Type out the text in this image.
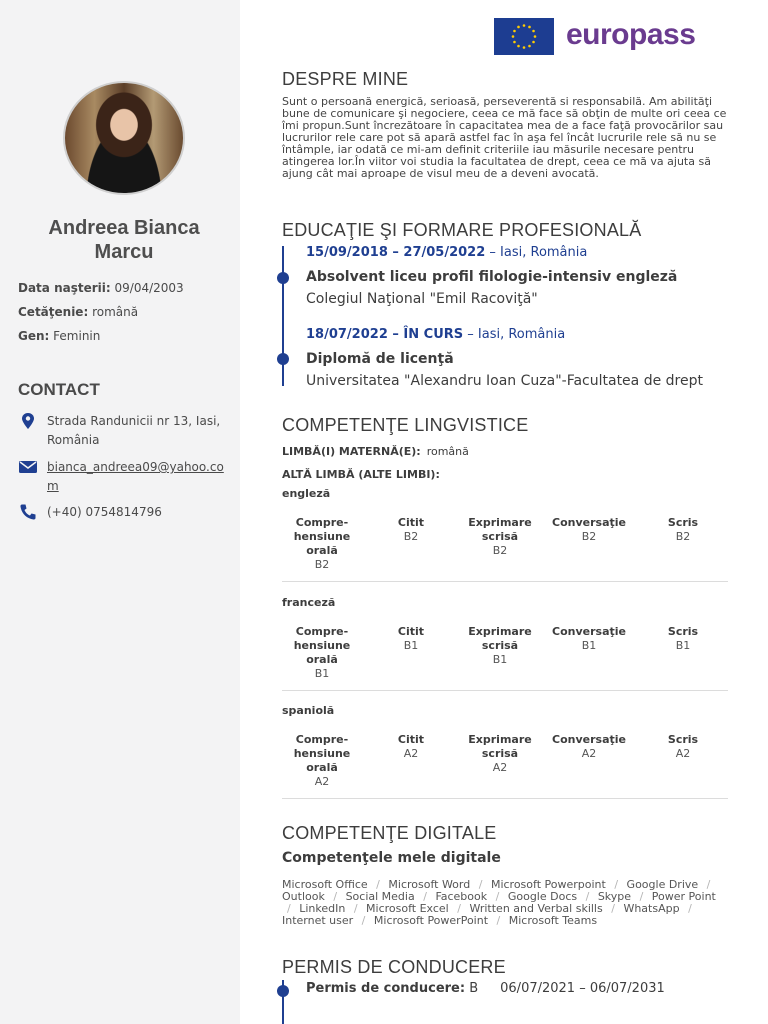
Andreea Bianca Marcu
Data naşterii: 09/04/2003
Cetăţenie: română
Gen: Feminin
CONTACT
Strada Randunicii nr 13, Iasi, România
bianca_andreea09@yahoo.com
(+40) 0754814796
europass
DESPRE MINE
Sunt o persoană energică, serioasă, perseverentă si responsabilă. Am abilităţi bune de comunicare şi negociere, ceea ce mă face să obţin de multe ori ceea ce îmi propun.Sunt încrezătoare în capacitatea mea de a face faţă provocărilor sau lucrurilor rele care pot să apară astfel fac în aşa fel încât lucrurile rele să nu se întâmple, iar odată ce mi-am definit criteriile iau măsurile necesare pentru atingerea lor.În viitor voi studia la facultatea de drept, ceea ce mă va ajuta să ajung cât mai aproape de visul meu de a deveni avocată.
EDUCAŢIE ŞI FORMARE PROFESIONALĂ
15/09/2018 – 27/05/2022 – Iasi, România
Absolvent liceu profil filologie-intensiv engleză
Colegiul Naţional "Emil Racoviţă"
18/07/2022 – ÎN CURS – Iasi, România
Diplomă de licenţă
Universitatea "Alexandru Ioan Cuza"-Facultatea de drept
COMPETENŢE LINGVISTICE
LIMBĂ(I) MATERNĂ(E): română
ALTĂ LIMBĂ (ALTE LIMBI):
engleză
Compre-hensiune orală
B2
Citit
B2
Exprimare scrisă
B2
Conversaţie
B2
Scris
B2
franceză
Compre-hensiune orală
B1
Citit
B1
Exprimare scrisă
B1
Conversaţie
B1
Scris
B1
spaniolă
Compre-hensiune orală
A2
Citit
A2
Exprimare scrisă
A2
Conversaţie
A2
Scris
A2
COMPETENŢE DIGITALE
Competenţele mele digitale
Microsoft Office / Microsoft Word / Microsoft Powerpoint / Google Drive / Outlook / Social Media / Facebook / Google Docs / Skype / Power Point / LinkedIn / Microsoft Excel / Written and Verbal skills / WhatsApp / Internet user / Microsoft PowerPoint / Microsoft Teams
PERMIS DE CONDUCERE
Permis de conducere: B 06/07/2021 – 06/07/2031
